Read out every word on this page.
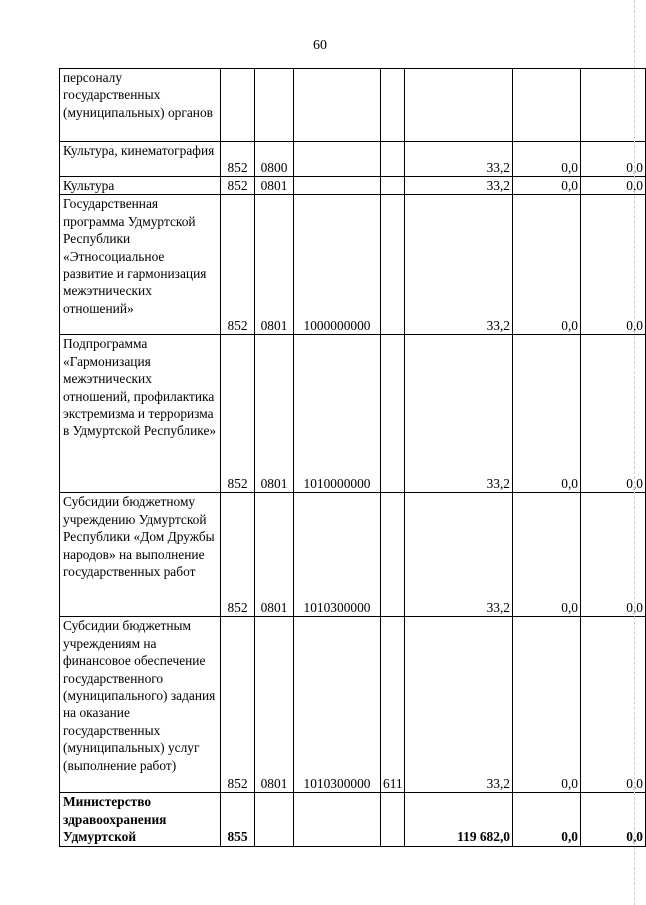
60
персоналу государственных (муниципальных) органов							
Культура, кинематография	852	0800			33,2	0,0	0,0
Культура	852	0801			33,2	0,0	0,0
Государственная программа Удмуртской Республики «Этносоциальное развитие и гармонизация межэтнических отношений»	852	0801	1000000000		33,2	0,0	0,0
Подпрограмма «Гармонизация межэтнических отношений, профилактика экстремизма и терроризма в Удмуртской Республике»	852	0801	1010000000		33,2	0,0	0,0
Субсидии бюджетному учреждению Удмуртской Республики «Дом Дружбы народов» на выполнение государственных работ	852	0801	1010300000		33,2	0,0	0,0
Субсидии бюджетным учреждениям на финансовое обеспечение государственного (муниципального) задания на оказание государственных (муниципальных) услуг (выполнение работ)	852	0801	1010300000	611	33,2	0,0	0,0
Министерство здравоохранения Удмуртской	855				119 682,0	0,0	0,0
